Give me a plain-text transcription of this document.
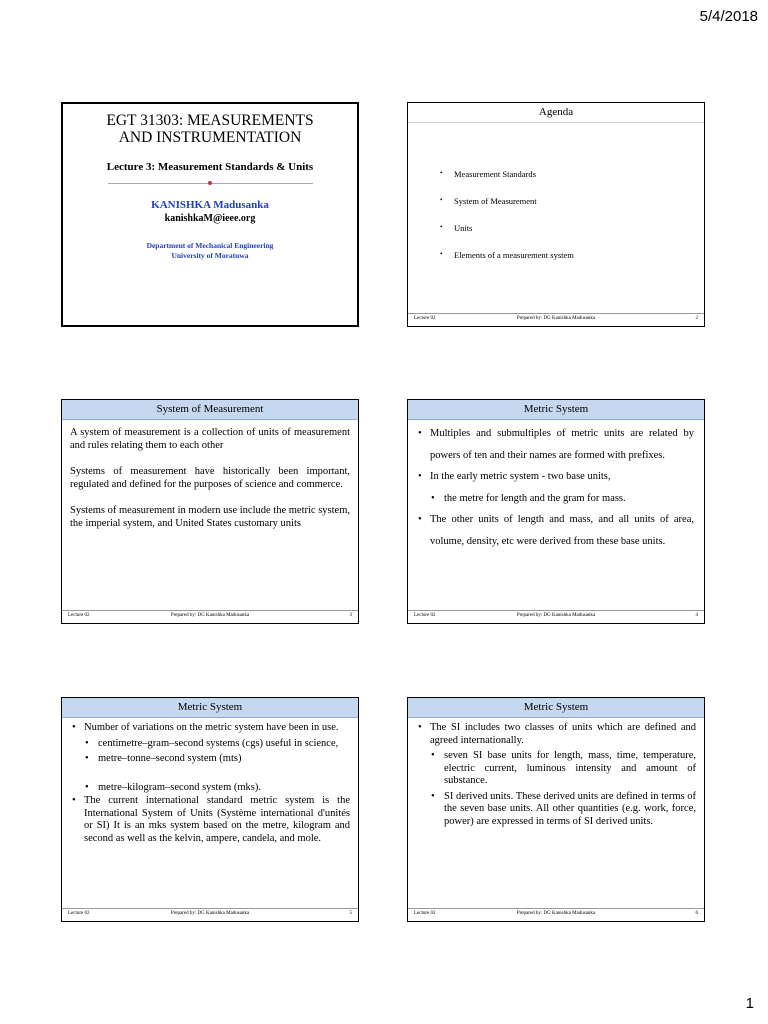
5/4/2018
EGT 31303: MEASUREMENTS AND INSTRUMENTATION
Lecture 3: Measurement Standards & Units
KANISHKA Madusanka
kanishkaM@ieee.org
Department of Mechanical Engineering
University of Moratuwa
Agenda
• Measurement Standards
• System of Measurement
• Units
• Elements of a measurement system
Lecture 02	Prepared by: DG Kanishka Madusanka	2
System of Measurement

A system of measurement is a collection of units of measurement and rules relating them to each other

Systems of measurement have historically been important, regulated and defined for the purposes of science and commerce.

Systems of measurement in modern use include the metric system, the imperial system, and United States customary units

Lecture 02	Prepared by: DG Kanishka Madusanka	3
Metric System
• Multiples and submultiples of metric units are related by powers of ten and their names are formed with prefixes.
• In the early metric system - two base units,
• the metre for length and the gram for mass.
• The other units of length and mass, and all units of area, volume, density, etc were derived from these base units.
Lecture 02	Prepared by: DG Kanishka Madusanka	4
Metric System
• Number of variations on the metric system have been in use.
• centimetre–gram–second systems (cgs) useful in science,
• metre–tonne–second system (mts)
• metre–kilogram–second system (mks).
• The current international standard metric system is the International System of Units (Système international d'unités or SI) It is an mks system based on the metre, kilogram and second as well as the kelvin, ampere, candela, and mole.
Lecture 02	Prepared by: DG Kanishka Madusanka	5
Metric System
• The SI includes two classes of units which are defined and agreed internationally.
• seven SI base units for length, mass, time, temperature, electric current, luminous intensity and amount of substance.
• SI derived units. These derived units are defined in terms of the seven base units. All other quantities (e.g. work, force, power) are expressed in terms of SI derived units.
Lecture 02	Prepared by: DG Kanishka Madusanka	6
1
